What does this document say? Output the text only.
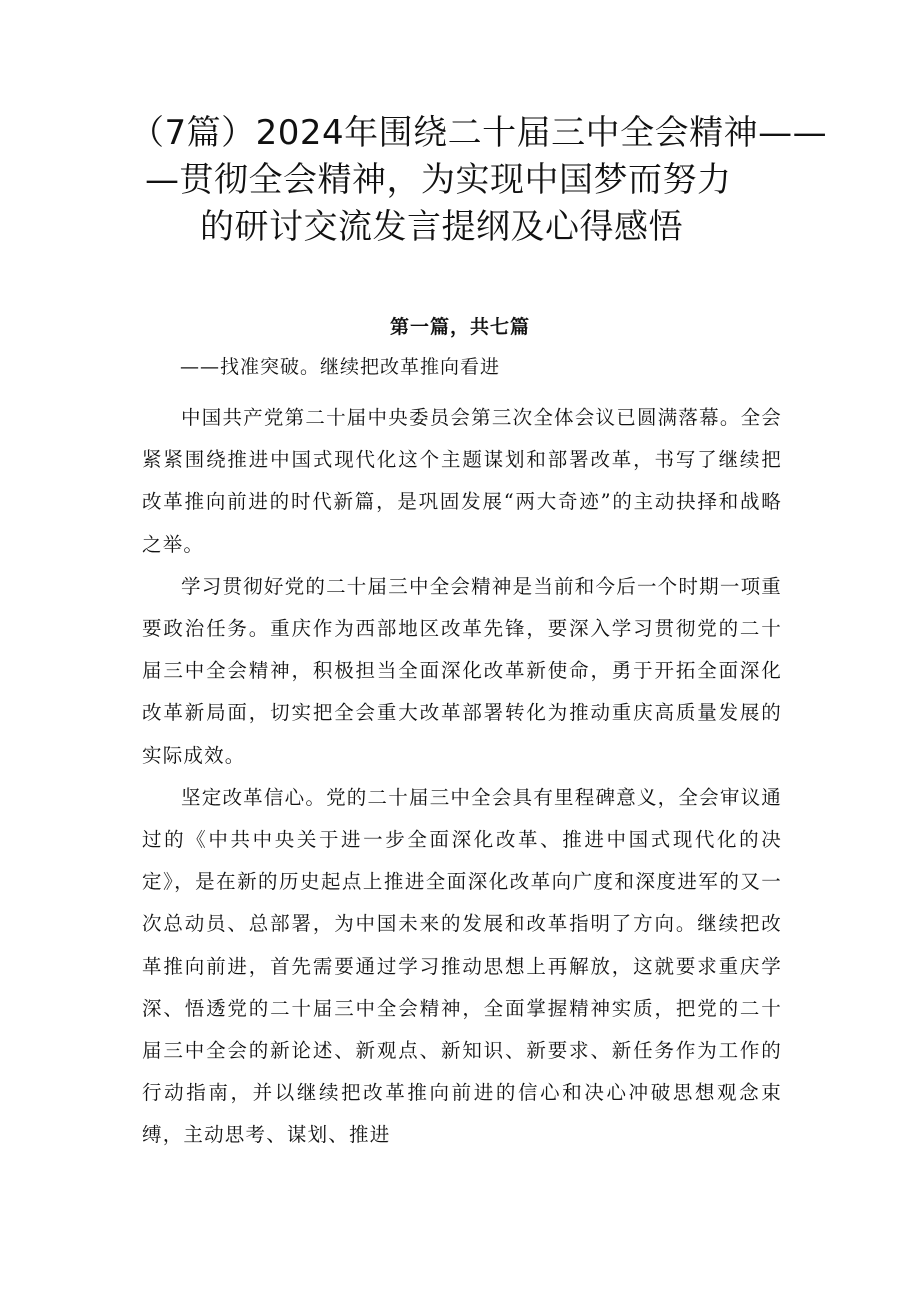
（7篇）2024年围绕二十届三中全会精神——
—贯彻全会精神，为实现中国梦而努力
的研讨交流发言提纲及心得感悟
第一篇，共七篇
——找准突破。继续把改革推向看进

中国共产党第二十届中央委员会第三次全体会议已圆满落幕。全会紧紧围绕推进中国式现代化这个主题谋划和部署改革，书写了继续把改革推向前进的时代新篇，是巩固发展“两大奇迹”的主动抉择和战略之举。

学习贯彻好党的二十届三中全会精神是当前和今后一个时期一项重要政治任务。重庆作为西部地区改革先锋，要深入学习贯彻党的二十届三中全会精神，积极担当全面深化改革新使命，勇于开拓全面深化改革新局面，切实把全会重大改革部署转化为推动重庆高质量发展的实际成效。

坚定改革信心。党的二十届三中全会具有里程碑意义，全会审议通过的《中共中央关于进一步全面深化改革、推进中国式现代化的决定》，是在新的历史起点上推进全面深化改革向广度和深度进军的又一次总动员、总部署，为中国未来的发展和改革指明了方向。继续把改革推向前进，首先需要通过学习推动思想上再解放，这就要求重庆学深、悟透党的二十届三中全会精神，全面掌握精神实质，把党的二十届三中全会的新论述、新观点、新知识、新要求、新任务作为工作的行动指南，并以继续把改革推向前进的信心和决心冲破思想观念束缚，主动思考、谋划、推进
